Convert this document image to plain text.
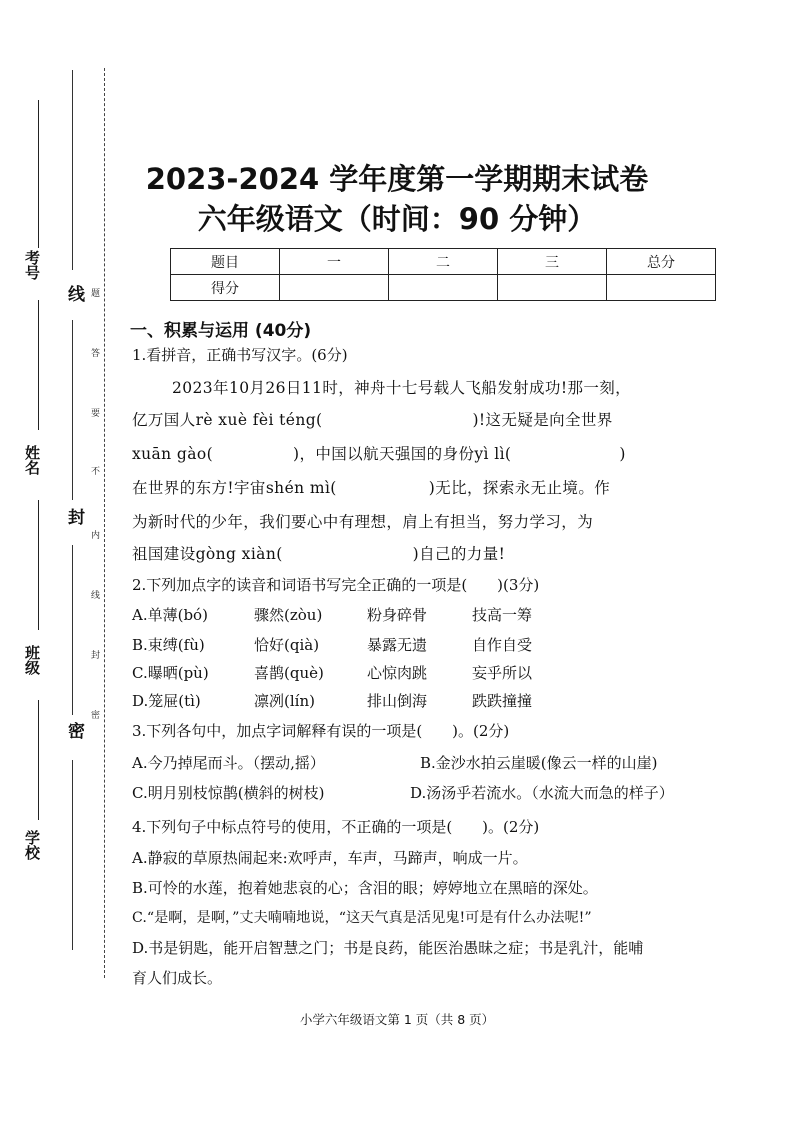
考号
姓名
班级
学校
线
封
密
题
答
要
不
内
线
封
密
2023-2024 学年度第一学期期末试卷
六年级语文（时间：90 分钟）
题目	一	二	三	总分
得分				
一、积累与运用 (40分)
1.看拼音，正确书写汉字。(6分)
2023年10月26日11时，神舟十七号载人飞船发射成功!那一刻，
亿万国人rè xuè fèi téng(	)!这无疑是向全世界
xuān gào(	)，中国以航天强国的身份yì lì(	)
在世界的东方!宇宙shén mì(	)无比，探索永无止境。作
为新时代的少年，我们要心中有理想，肩上有担当，努力学习，为
祖国建设gòng xiàn(	)自己的力量!
2.下列加点字的读音和词语书写完全正确的一项是(　　)(3分)
A.单薄(bó)	骤然(zòu)	粉身碎骨	技高一筹
B.束缚(fù)	恰好(qià)	暴露无遗	自作自受
C.曝晒(pù)	喜鹊(què)	心惊肉跳	妄乎所以
D.笼屉(tì)	凛冽(lín)	排山倒海	跌跌撞撞
3.下列各句中，加点字词解释有误的一项是(　　)。(2分)
A.今乃掉尾而斗。（摆动,摇）	B.金沙水拍云崖暖(像云一样的山崖)
C.明月别枝惊鹊(横斜的树枝)	D.汤汤乎若流水。（水流大而急的样子）
4.下列句子中标点符号的使用，不正确的一项是(　　)。(2分)
A.静寂的草原热闹起来:欢呼声，车声，马蹄声，响成一片。
B.可怜的水莲，抱着她悲哀的心；含泪的眼；婷婷地立在黑暗的深处。
C.“是啊，是啊，”丈夫喃喃地说，“这天气真是活见鬼!可是有什么办法呢!”
D.书是钥匙，能开启智慧之门；书是良药，能医治愚昧之症；书是乳汁，能哺
育人们成长。
小学六年级语文第 1 页（共 8 页）
